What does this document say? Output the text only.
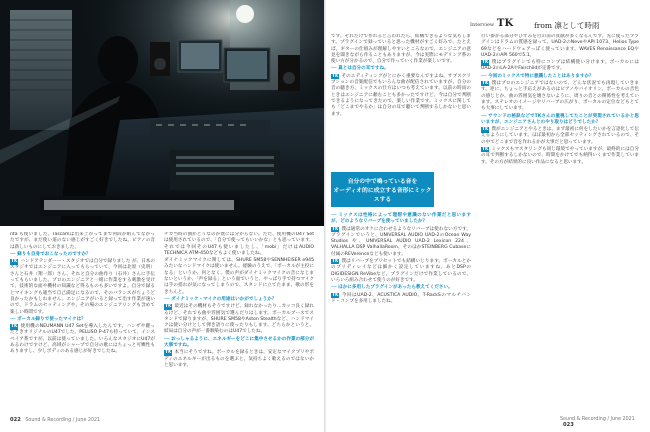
nta も使いました。Tascamは出来上がってまで何段か組んでなかったですが、まだ使い道のない感じがすごく好きでしたね。ピアノの音は新しいものにしておきました。

── 録りも自身でおこなったのですか？

TK ハンドアテンダーー・スタジオでは自分で録りました が、日本のスタジオではエンジニアに入ってもらっていて、今回は北原（史明）さんと石井（翔一郎）さん、それと自分の曲作り（石井）さんに手伝ってもらいました。プロのエンジニアと一緒に作業をする刺激を受けて、技術的な面や機材の知識など得るものも多いですよ。自分で録るとマイキングも適当で自己満足になるので、そのバランスがちょうど良かったかもしれません。エンジニアがいると録って出す作業が速いので、ドラムのセッティングや、その場のエンジニアリングも含めて楽しい時間です。

── ボーカル録りで使ったマイクは？

TK 使用機のNEUMANN U47 Setを導入したんです。ハンザや鍵ったときオリジナルのU47でした。PELUSO P-47も持っていて、インスペイア系ですが、以前は使っていました。いろんなスタジオにU47があるわけですけど、高域がシャープで自分の歌にはちょっと可憐性もありますし、少しボディのある感じが好きでしたね。

チカ当時の曲がどうなのか僕には分からない。ただ、使用機のU47 Setは使用されているので、「自分で使ってもいいかな」とも思っています。それでは今回そのU47も使いましたし、「mobi」だけはAUDIO TECHNICA ATM-450などもよく使いましたね。

ダイナミックマイクに関しては、SHURE SM58やSENNHEISER e945みたいなハンドマイクは使いません。経験のうえで、「ボーカルが主役になる」というか、何となく、僕の声がダイナミックマイクの音になじまないというか、「声を録る」という面でいうと、やっぱり手で持つマイクは手の揺れが気になってしまうので、スタンドに立てたまま、歌の形をきちんと。

── ダイナミック・マイクの用途はいかがでしょうか？

TK 最近はその機材もそうですけど、録れなかったり…カッコ良く録れるけど、それでも曲や雰囲気で選んだりはします。ボーカルブースでスタンドで録りますが、SHURE SM58やAston Stealthなど、ハンドマイクは使い分けとして弾き語りに使ったりもします。どちらかというと、結局は自分の声が一番馴染むのはU47でしたね。

── おっしゃるように、エネルギーをどこに集中させるかの作業の部分が大事ですね。

TK 本当にそうですね。ボーカルを録るときは、安定なマイクプリやボディのエネルギーが出るものを選ぶと、気持ちよく歌えるのではないかと思います。

Interview TK	from 凛として時雨

です。それだけで作れると言われたら、結構できるような気もします。プラグインで録っていると思った機材がすごく好みで、たとえば、ギターの仕組みが理解しやすいところなので、エンジニアの意見を聞きながら作ることもありますが、今は実際にモデリング系の使い方が分かるので、自分で作っていく作業が楽しいです。

── 真とは自分の耳ですね。

TK そのエディティングがとにかく重要なんですよね。サブスクリプションの音楽配信でもいろんな曲が配信されていますが、自分の音の聴き方、ミックスの仕方はいつも考えています。以前の時雨のときはエンジニアに頼むことも多かったですけど、今は自分で判断できるようになってきたので、楽しい作業です。ミックスに関しても「どこまでやるか」は自分の耳で聴いて判断するしかないと思います。

自分の中で鳴っている音を
オーディオ的に成立する音形にミックスする

── ミックスは性格によって理想や意識のない作業だと思いますが、どのようなリバーブを使っていましたか？

TK 僕は通常のオケに合わせるようなリバーブは使わない方です。プラグインでいうと、UNIVERSAL AUDIO UAD-2のOcean Way Studios や、UNIVERSAL AUDIO UAD-2 Lexicon 224、VALHALLA DSP ValhallaRoom、そのほかSTEINBERG Cubaseに付属のREVerenceなども使います。

TK 僕はリバーブをプリセットでも結構いじります。ボーカルとかのプリディレイなどは細かく設定していますね。あとDSPのDIGIDESIGN ReVibeなど、プラグインだけで作業しているので、いろいろ組み合わせて使うのが好きです。

── ほかに多用したプラグインがあったら教えてください。

TK 今回はUAD-2、ACUSTICA AUDIO、T-RackSのマルチバンド・コンプを多用しましたね。

行い掛かる部分やひずみを目の前の貢献が多くなるんです。先に使ったプラグインはドラムの質感を録って、UAD-2のNeveやAPI 1073、Helios Type 69などをハードウェアっぽく使っています。WAVES Renaissance EQやUAD-2のAPI 560で5.1。

TK 僕はプラグインでも特にコンプは結構使い分けます。ボーカルにはUAD-2のLA-2AやFairchildが定番です。

── 今回のミックスで特に意識したことはありますか？

TK 僕はプロのエンジニアではないので、どんな状況でも再現していきます。逆に、ちょっと手応えがあるのはピアノやバイオリン、ボーカルの音色の感じとか。曲の雰囲気を壊さないように、周りの音との関係性を考えています。ステレオのイメージやリバーブの広がり、ボーカルの定位などもとても大事にしています。

── サウンドの秘訣などでTKさんの重視してたことが実現されているかと思いますが、エンジニアさんとのやり取りはどうでしたか？

TK 僕がエンジニアとやるときは、まず最初に何をしたいかを言語化して伝えるようにしています。ほぼ最初から全部セッティングされているので、その中でどこまで音を作れるかが大事だと思っています。

TK ミックスもマスタリングも同じ環境でやっていますが、最終的には自分の耳で判断するしかないので、時間をかけてでも納得いくまで作業しています。その方が結果的に良い作品になると思います。

022 Sound & Recording / June 2021	Sound & Recording / June 2021 023
